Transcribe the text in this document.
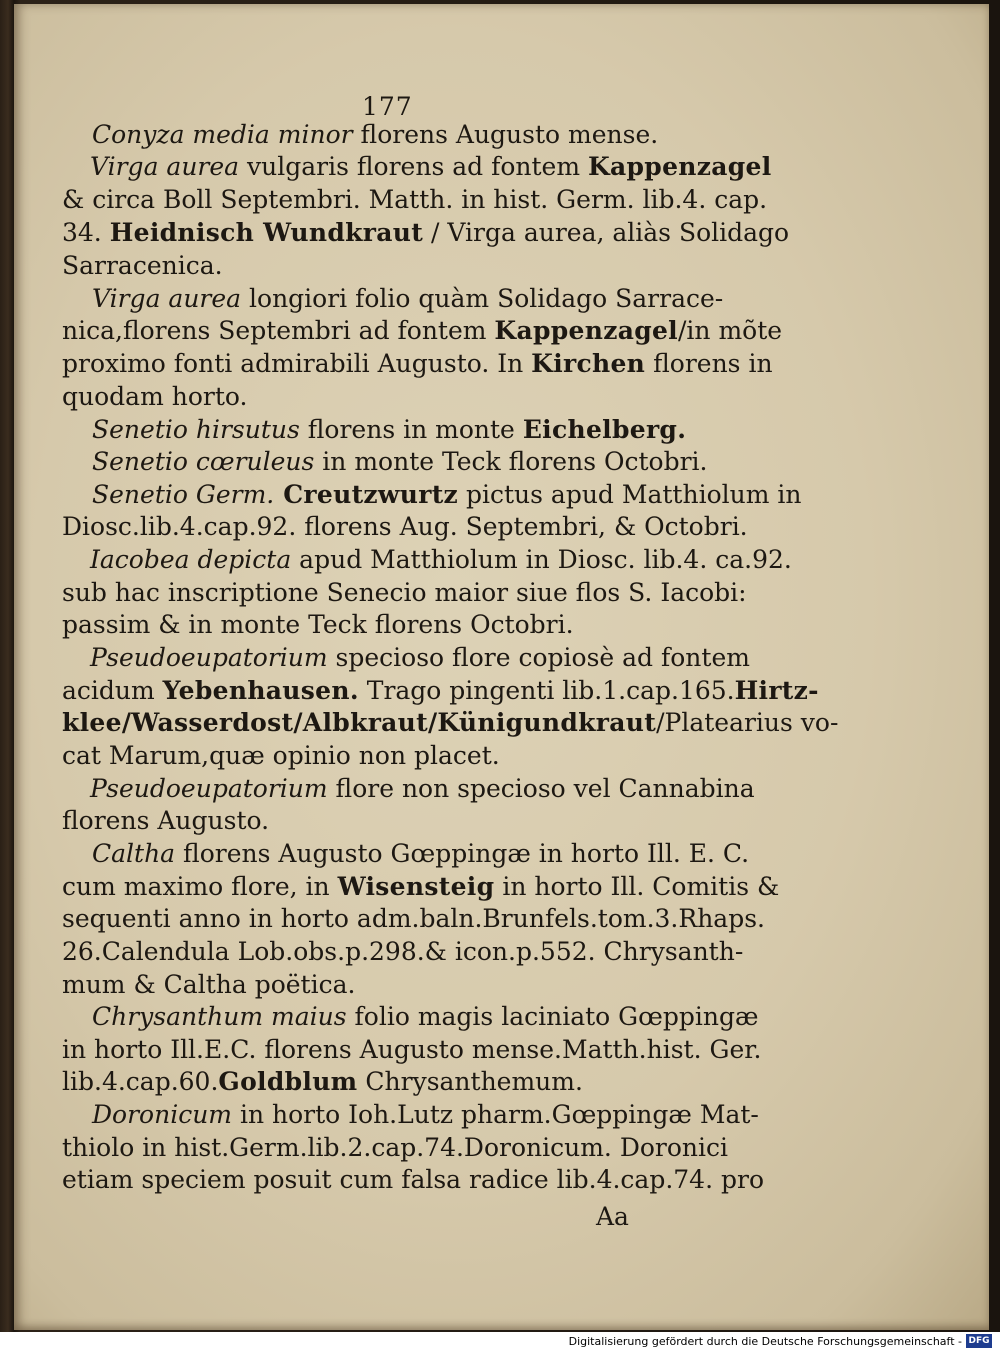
177
Conyza media minor florens Augusto mense.
Virga aurea vulgaris florens ad fontem Kappenzagel
& circa Boll Septembri. Matth. in hist. Germ. lib.4. cap.
34. Heidnisch Wundkraut / Virga aurea, aliàs Solidago
Sarracenica.
Virga aurea longiori folio quàm Solidago Sarrace-
nica,florens Septembri ad fontem Kappenzagel/in mõte
proximo fonti admirabili Augusto. In Kirchen florens in
quodam horto.
Senetio hirsutus florens in monte Eichelberg.
Senetio cœruleus in monte Teck florens Octobri.
Senetio Germ. Creutzwurtz pictus apud Matthiolum in
Diosc.lib.4.cap.92. florens Aug. Septembri, & Octobri.
Iacobea depicta apud Matthiolum in Diosc. lib.4. ca.92.
sub hac inscriptione Senecio maior siue flos S. Iacobi:
passim & in monte Teck florens Octobri.
Pseudoeupatorium specioso flore copiosè ad fontem
acidum Yebenhausen. Trago pingenti lib.1.cap.165.Hirtz-
klee/Wasserdost/Albkraut/Künigundkraut/Platearius vo-
cat Marum,quæ opinio non placet.
Pseudoeupatorium flore non specioso vel Cannabina
florens Augusto.
Caltha florens Augusto Gœppingæ in horto Ill. E. C.
cum maximo flore, in Wisensteig in horto Ill. Comitis &
sequenti anno in horto adm.baln.Brunfels.tom.3.Rhaps.
26.Calendula Lob.obs.p.298.& icon.p.552. Chrysanth-
mum & Caltha poëtica.
Chrysanthum maius folio magis laciniato Gœppingæ
in horto Ill.E.C. florens Augusto mense.Matth.hist. Ger.
lib.4.cap.60.Goldblum Chrysanthemum.
Doronicum in horto Ioh.Lutz pharm.Gœppingæ Mat-
thiolo in hist.Germ.lib.2.cap.74.Doronicum. Doronici
etiam speciem posuit cum falsa radice lib.4.cap.74. pro
Aa
Digitalisierung gefördert durch die Deutsche Forschungsgemeinschaft - DFG
